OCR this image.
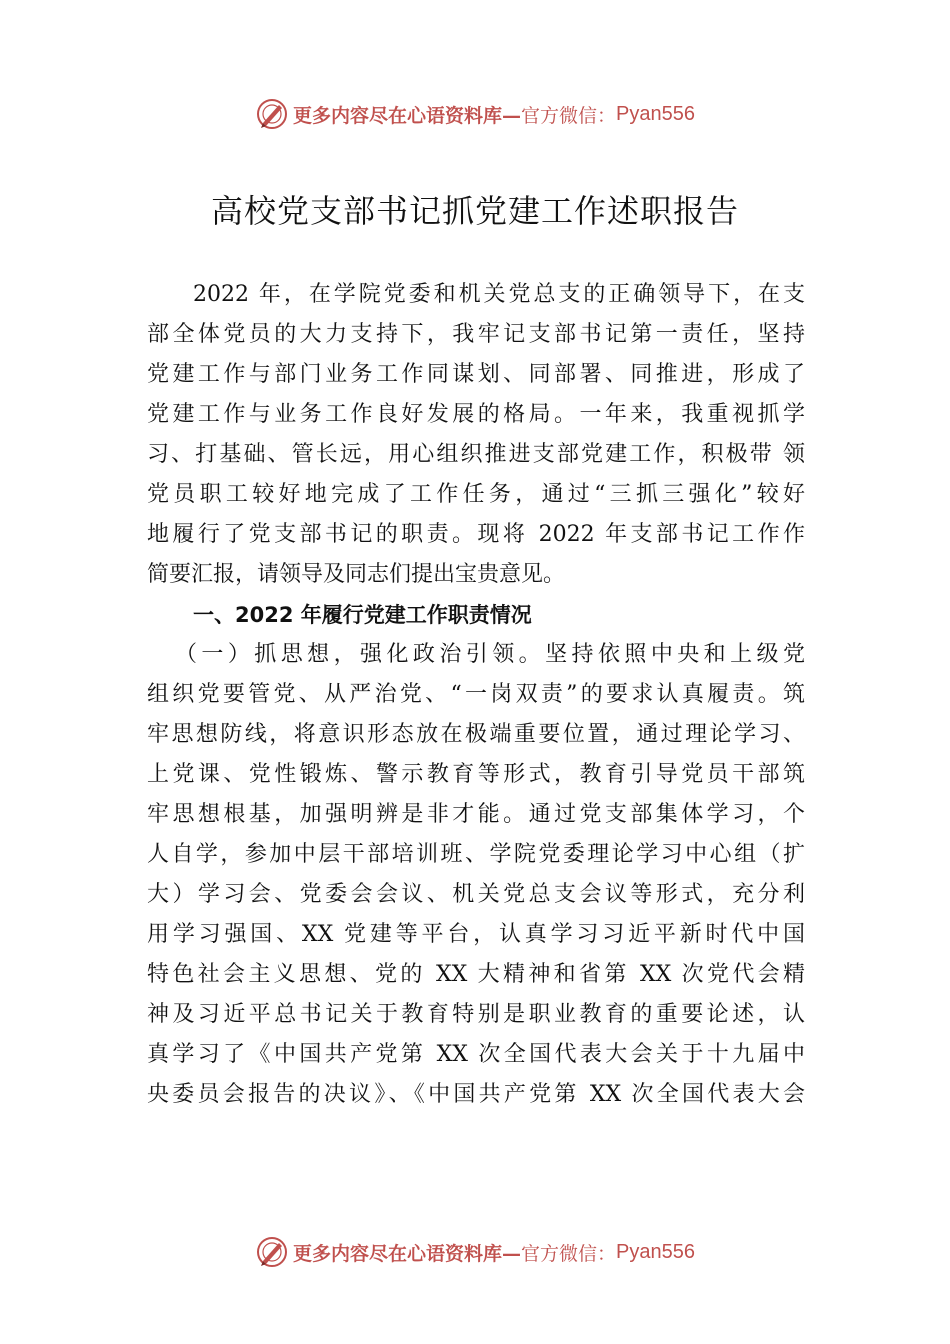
更多内容尽在心语资料库— 官方微信： Pyan556
高校党支部书记抓党建工作述职报告
2022 年，在学院党委和机关党总支的正确领导下，在支
部全体党员的大力支持下，我牢记支部书记第一责任，坚持
党建工作与部门业务工作同谋划、同部署、同推进，形成了
党建工作与业务工作良好发展的格局。一年来，我重视抓学
习、打基础、管长远，用心组织推进支部党建工作，积极带 领
党员职工较好地完成了工作任务，通过“三抓三强化”较好
地履行了党支部书记的职责。现将 2022 年支部书记工作作
简要汇报，请领导及同志们提出宝贵意见。
一、2022 年履行党建工作职责情况
（一）抓思想，强化政治引领。坚持依照中央和上级党
组织党要管党、从严治党、“一岗双责”的要求认真履责。筑
牢思想防线，将意识形态放在极端重要位置，通过理论学习、
上党课、党性锻炼、警示教育等形式，教育引导党员干部筑
牢思想根基，加强明辨是非才能。通过党支部集体学习，个
人自学，参加中层干部培训班、学院党委理论学习中心组（扩
大）学习会、党委会会议、机关党总支会议等形式，充分利
用学习强国、XX 党建等平台，认真学习习近平新时代中国
特色社会主义思想、党的 XX 大精神和省第 XX 次党代会精
神及习近平总书记关于教育特别是职业教育的重要论述，认
真学习了《中国共产党第 XX 次全国代表大会关于十九届中
央委员会报告的决议》、《中国共产党第 XX 次全国代表大会
更多内容尽在心语资料库— 官方微信： Pyan556
